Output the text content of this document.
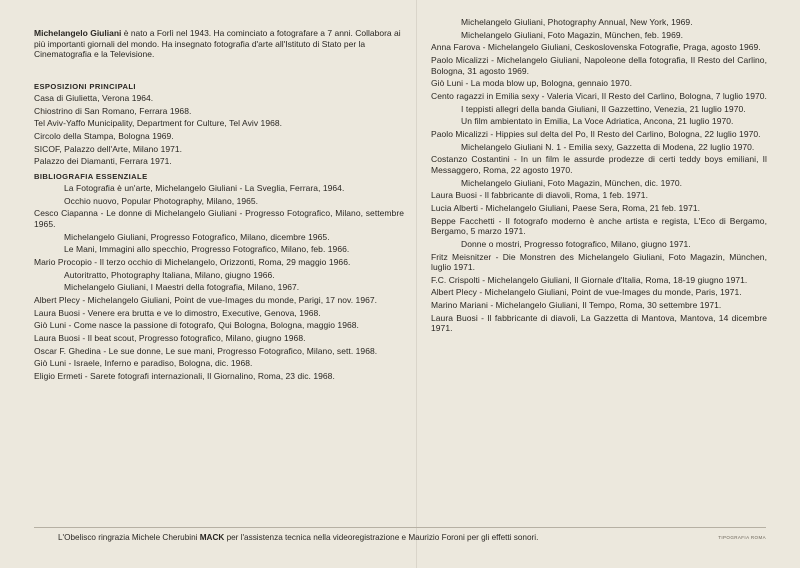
Michelangelo Giuliani è nato a Forlì nel 1943. Ha cominciato a fotografare a 7 anni. Collabora ai più importanti giornali del mondo. Ha insegnato fotografia d'arte all'Istituto di Stato per la Cinematografia e la Televisione.

ESPOSIZIONI PRINCIPALI

Casa di Giulietta, Verona 1964.

Chiostrino di San Romano, Ferrara 1968.

Tel Aviv-Yaffo Municipality, Department for Culture, Tel Aviv 1968.

Circolo della Stampa, Bologna 1969.

SICOF, Palazzo dell'Arte, Milano 1971.

Palazzo dei Diamanti, Ferrara 1971.

BIBLIOGRAFIA ESSENZIALE

La Fotografia è un'arte, Michelangelo Giuliani - La Sveglia, Ferrara, 1964.

Occhio nuovo, Popular Photography, Milano, 1965.

Cesco Ciapanna - Le donne di Michelangelo Giuliani - Progresso Fotografico, Milano, settembre 1965.

Michelangelo Giuliani, Progresso Fotografico, Milano, dicembre 1965.

Le Mani, Immagini allo specchio, Progresso Fotografico, Milano, feb. 1966.

Mario Procopio - Il terzo occhio di Michelangelo, Orizzonti, Roma, 29 maggio 1966.

Autoritratto, Photography Italiana, Milano, giugno 1966.

Michelangelo Giuliani, I Maestri della fotografia, Milano, 1967.

Albert Plecy - Michelangelo Giuliani, Point de vue-Images du monde, Parigi, 17 nov. 1967.

Laura Buosi - Venere era brutta e ve lo dimostro, Executive, Genova, 1968.

Giò Luni - Come nasce la passione di fotografo, Qui Bologna, Bologna, maggio 1968.

Laura Buosi - Il beat scout, Progresso fotografico, Milano, giugno 1968.

Oscar F. Ghedina - Le sue donne, Le sue mani, Progresso Fotografico, Milano, sett. 1968.

Giò Luni - Israele, Inferno e paradiso, Bologna, dic. 1968.

Eligio Ermeti - Sarete fotografi internazionali, Il Giornalino, Roma, 23 dic. 1968.

Michelangelo Giuliani, Photography Annual, New York, 1969.

Michelangelo Giuliani, Foto Magazin, München, feb. 1969.

Anna Farova - Michelangelo Giuliani, Ceskoslovenska Fotografie, Praga, agosto 1969.

Paolo Micalizzi - Michelangelo Giuliani, Napoleone della fotografia, Il Resto del Carlino, Bologna, 31 agosto 1969.

Giò Luni - La moda blow up, Bologna, gennaio 1970.

Cento ragazzi in Emilia sexy - Valeria Vicari, Il Resto del Carlino, Bologna, 7 luglio 1970.

I teppisti allegri della banda Giuliani, Il Gazzettino, Venezia, 21 luglio 1970.

Un film ambientato in Emilia, La Voce Adriatica, Ancona, 21 luglio 1970.

Paolo Micalizzi - Hippies sul delta del Po, Il Resto del Carlino, Bologna, 22 luglio 1970.

Michelangelo Giuliani N. 1 - Emilia sexy, Gazzetta di Modena, 22 luglio 1970.

Costanzo Costantini - In un film le assurde prodezze di certi teddy boys emiliani, Il Messaggero, Roma, 22 agosto 1970.

Michelangelo Giuliani, Foto Magazin, München, dic. 1970.

Laura Buosi - Il fabbricante di diavoli, Roma, 1 feb. 1971.

Lucia Alberti - Michelangelo Giuliani, Paese Sera, Roma, 21 feb. 1971.

Beppe Facchetti - Il fotografo moderno è anche artista e regista, L'Eco di Bergamo, Bergamo, 5 marzo 1971.

Donne o mostri, Progresso fotografico, Milano, giugno 1971.

Fritz Meisnitzer - Die Monstren des Michelangelo Giuliani, Foto Magazin, München, luglio 1971.

F.C. Crispolti - Michelangelo Giuliani, Il Giornale d'Italia, Roma, 18-19 giugno 1971.

Albert Plecy - Michelangelo Giuliani, Point de vue-Images du monde, Paris, 1971.

Marino Mariani - Michelangelo Giuliani, Il Tempo, Roma, 30 settembre 1971.

Laura Buosi - Il fabbricante di diavoli, La Gazzetta di Mantova, Mantova, 14 dicembre 1971.

L'Obelisco ringrazia Michele Cherubini MACK per l'assistenza tecnica nella videoregistrazione e Maurizio Foroni per gli effetti sonori.	TIPOGRAFIA ROMA
